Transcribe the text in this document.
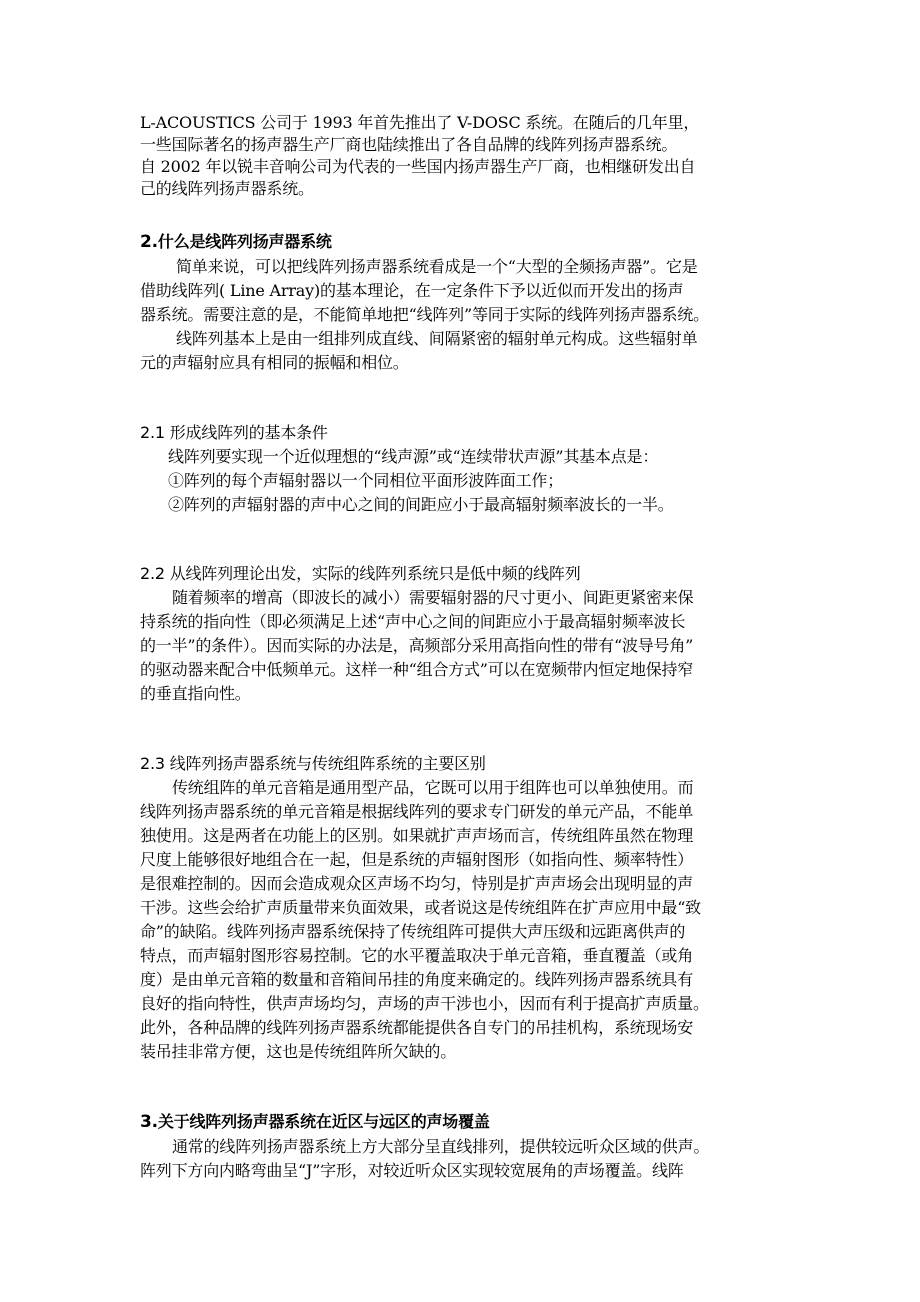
L-ACOUSTICS 公司于 1993 年首先推出了 V-DOSC 系统。在随后的几年里，
一些国际著名的扬声器生产厂商也陆续推出了各自品牌的线阵列扬声器系统。
自 2002 年以锐丰音响公司为代表的一些国内扬声器生产厂商，也相继研发出自
己的线阵列扬声器系统。
2.什么是线阵列扬声器系统
简单来说，可以把线阵列扬声器系统看成是一个“大型的全频扬声器”。它是
借助线阵列( Line Array)的基本理论，在一定条件下予以近似而开发出的扬声
器系统。需要注意的是，不能简单地把“线阵列”等同于实际的线阵列扬声器系统。
线阵列基本上是由一组排列成直线、间隔紧密的辐射单元构成。这些辐射单
元的声辐射应具有相同的振幅和相位。
2.1 形成线阵列的基本条件
线阵列要实现一个近似理想的“线声源”或“连续带状声源”其基本点是：
①阵列的每个声辐射器以一个同相位平面形波阵面工作；
②阵列的声辐射器的声中心之间的间距应小于最高辐射频率波长的一半。
2.2 从线阵列理论出发，实际的线阵列系统只是低中频的线阵列
随着频率的增高（即波长的减小）需要辐射器的尺寸更小、间距更紧密来保
持系统的指向性（即必须满足上述“声中心之间的间距应小于最高辐射频率波长
的一半”的条件）。因而实际的办法是，高频部分采用高指向性的带有“波导号角”
的驱动器来配合中低频单元。这样一种“组合方式”可以在宽频带内恒定地保持窄
的垂直指向性。
2.3 线阵列扬声器系统与传统组阵系统的主要区别
传统组阵的单元音箱是通用型产品，它既可以用于组阵也可以单独使用。而
线阵列扬声器系统的单元音箱是根据线阵列的要求专门研发的单元产品，不能单
独使用。这是两者在功能上的区别。如果就扩声声场而言，传统组阵虽然在物理
尺度上能够很好地组合在一起，但是系统的声辐射图形（如指向性、频率特性）
是很难控制的。因而会造成观众区声场不均匀，恃别是扩声声场会出现明显的声
干涉。这些会给扩声质量带来负面效果，或者说这是传统组阵在扩声应用中最“致
命”的缺陷。线阵列扬声器系统保持了传统组阵可提供大声压级和远距离供声的
特点，而声辐射图形容易控制。它的水平覆盖取决于单元音箱，垂直覆盖（或角
度）是由单元音箱的数量和音箱间吊挂的角度来确定的。线阵列扬声器系统具有
良好的指向特性，供声声场均匀，声场的声干涉也小，因而有利于提高扩声质量。
此外，各种品牌的线阵列扬声器系统都能提供各自专门的吊挂机构，系统现场安
装吊挂非常方便，这也是传统组阵所欠缺的。
3.关于线阵列扬声器系统在近区与远区的声场覆盖
通常的线阵列扬声器系统上方大部分呈直线排列，提供较远听众区域的供声。
阵列下方向内略弯曲呈“J”字形，对较近听众区实现较宽展角的声场覆盖。线阵
